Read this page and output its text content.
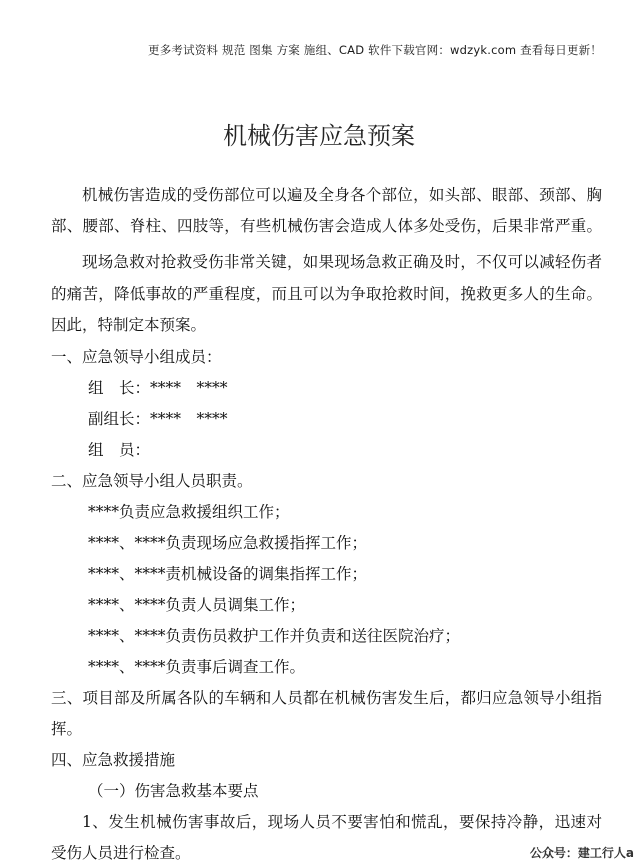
更多考试资料 规范 图集 方案 施组、CAD 软件下载官网：wdzyk.com 查看每日更新！
机械伤害应急预案
机械伤害造成的受伤部位可以遍及全身各个部位，如头部、眼部、颈部、胸
部、腰部、脊柱、四肢等，有些机械伤害会造成人体多处受伤，后果非常严重。
现场急救对抢救受伤非常关键，如果现场急救正确及时，不仅可以减轻伤者
的痛苦，降低事故的严重程度，而且可以为争取抢救时间，挽救更多人的生命。
因此，特制定本预案。
一、应急领导小组成员：
组　长：****　****
副组长：****　****
组　员：
二、应急领导小组人员职责。
****负责应急救援组织工作；
****、****负责现场应急救援指挥工作；
****、****责机械设备的调集指挥工作；
****、****负责人员调集工作；
****、****负责伤员救护工作并负责和送往医院治疗；
****、****负责事后调查工作。
三、项目部及所属各队的车辆和人员都在机械伤害发生后，都归应急领导小组指
挥。
四、应急救援措施
（一）伤害急救基本要点
1、发生机械伤害事故后，现场人员不要害怕和慌乱，要保持冷静，迅速对
受伤人员进行检查。	公众号：建工行人a
